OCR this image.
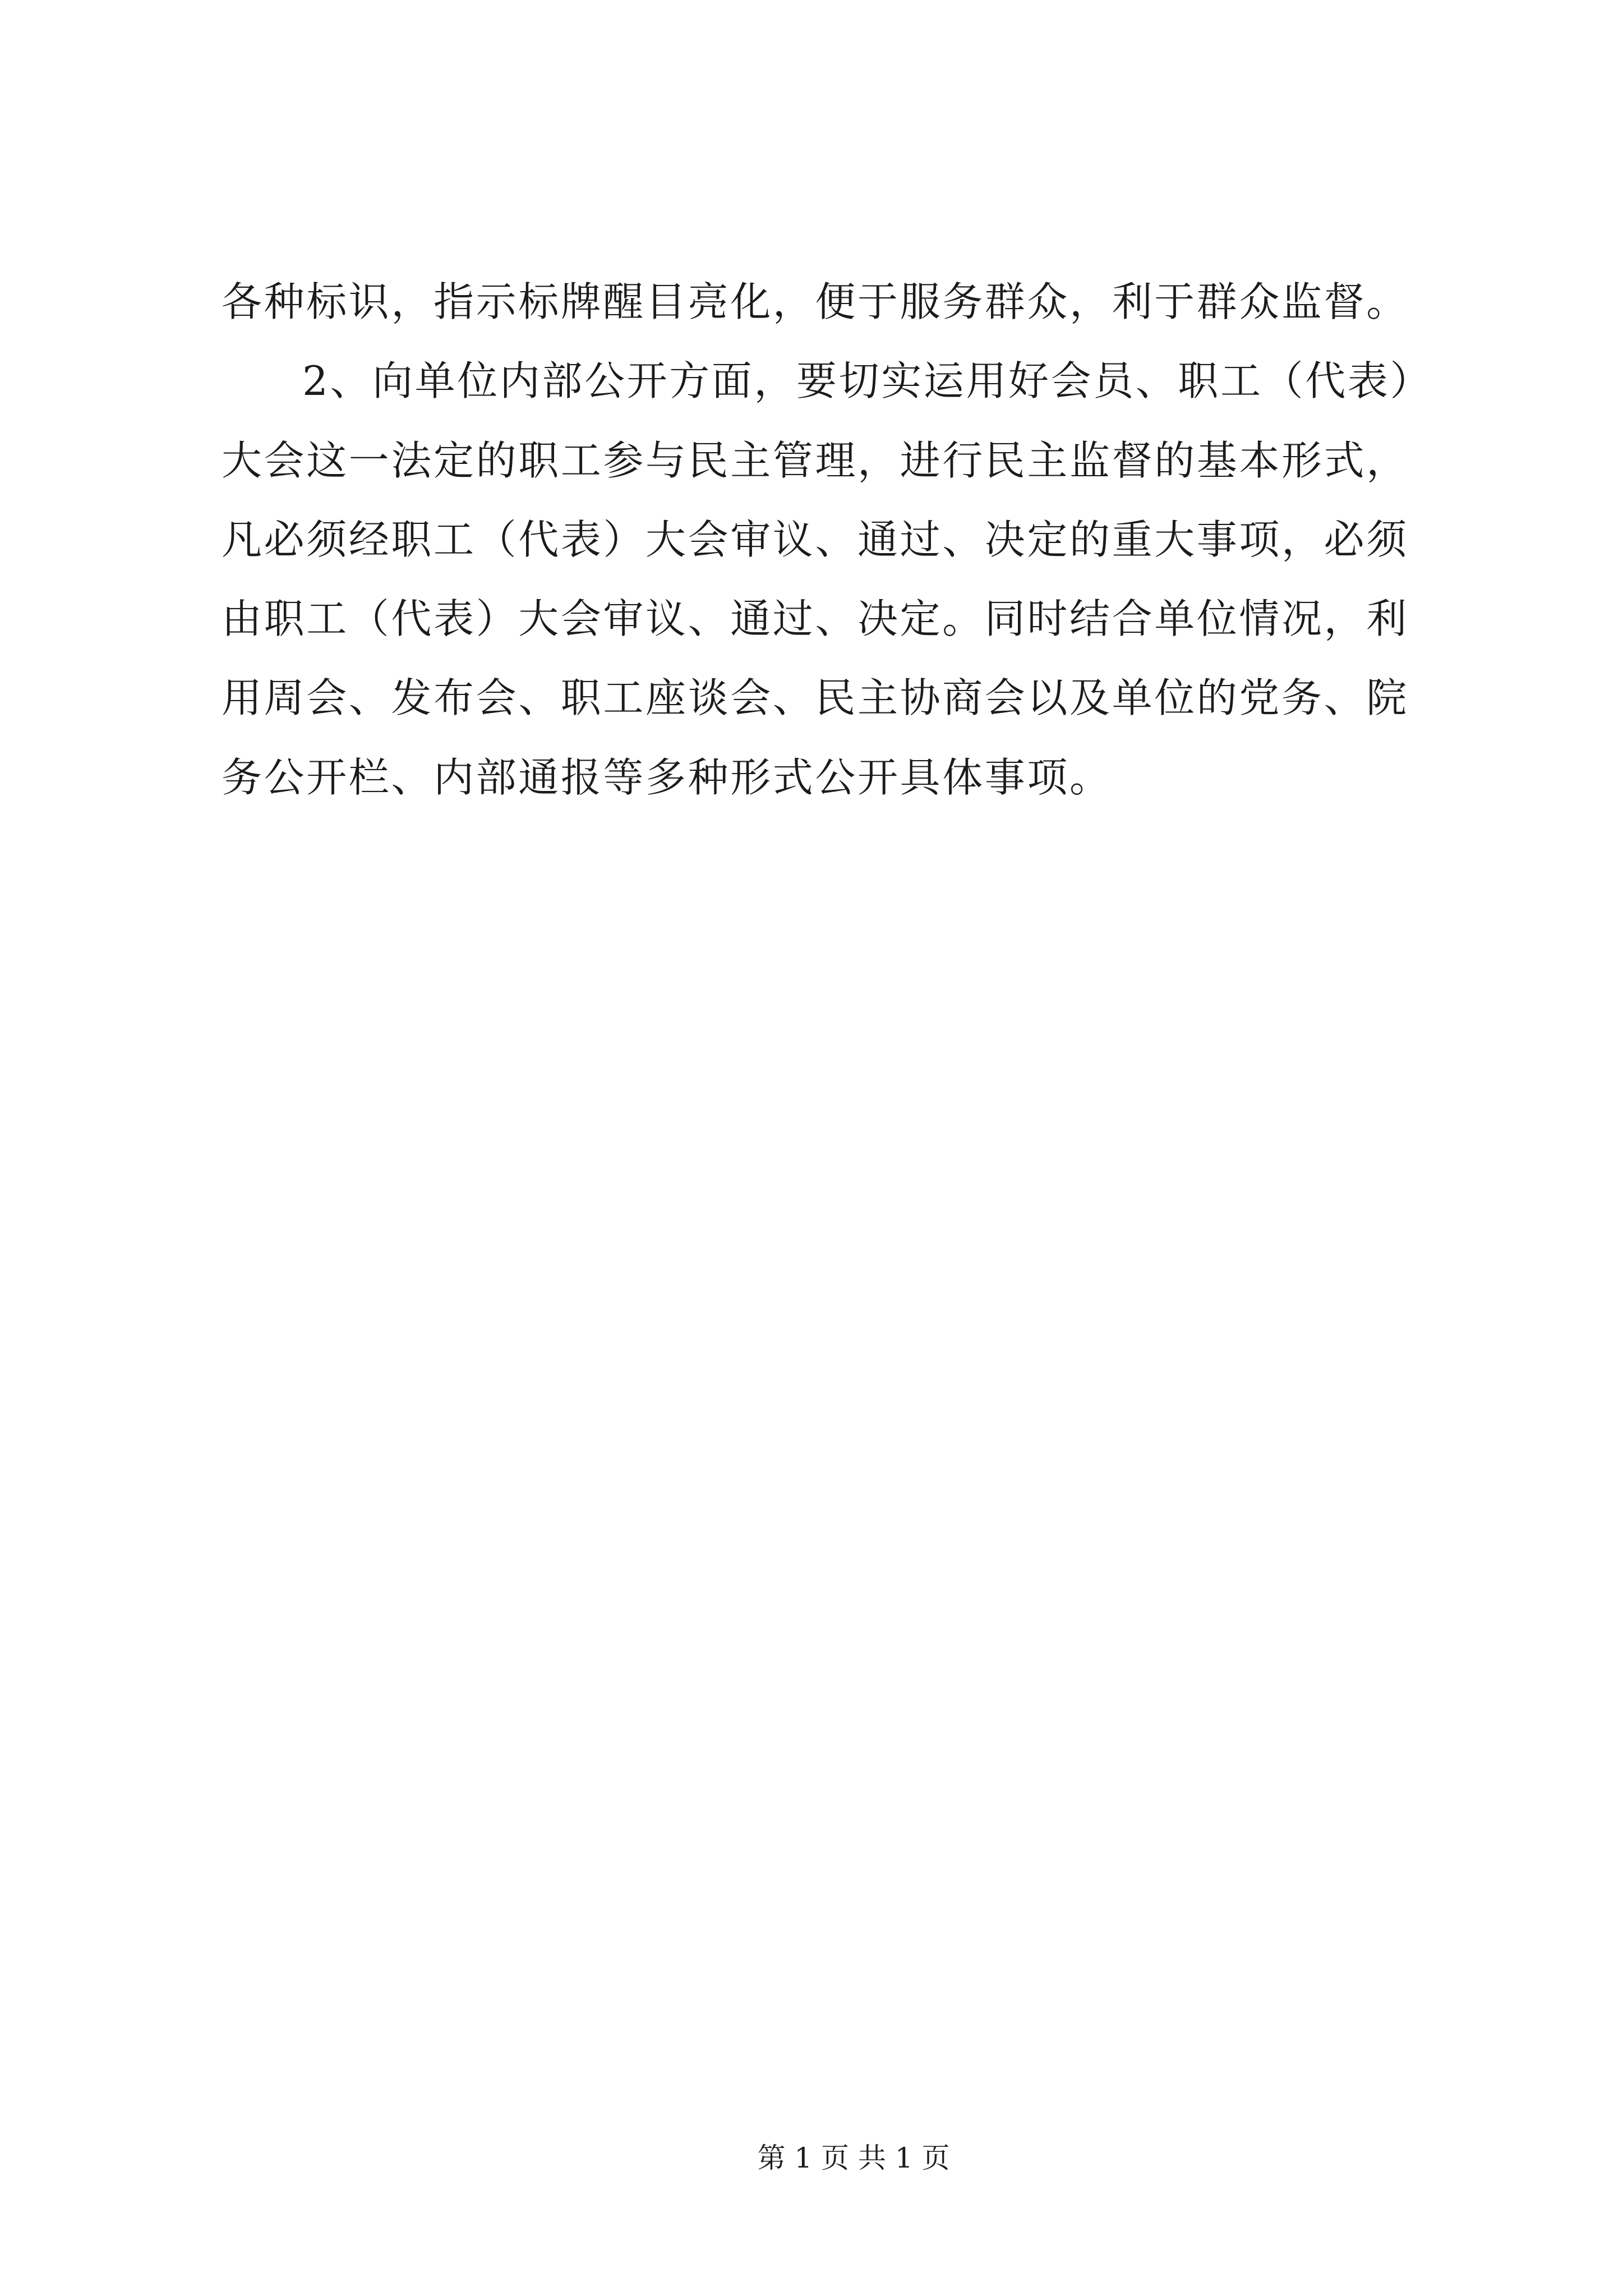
各种标识，指示标牌醒目亮化，便于服务群众，利于群众监督。
2、向单位内部公开方面，要切实运用好会员、职工（代表）
大会这一法定的职工参与民主管理，进行民主监督的基本形式，
凡必须经职工（代表）大会审议、通过、决定的重大事项，必须
由职工（代表）大会审议、通过、决定。同时结合单位情况，利
用周会、发布会、职工座谈会、民主协商会以及单位的党务、院
务公开栏、内部通报等多种形式公开具体事项。
第 1 页 共 1 页
